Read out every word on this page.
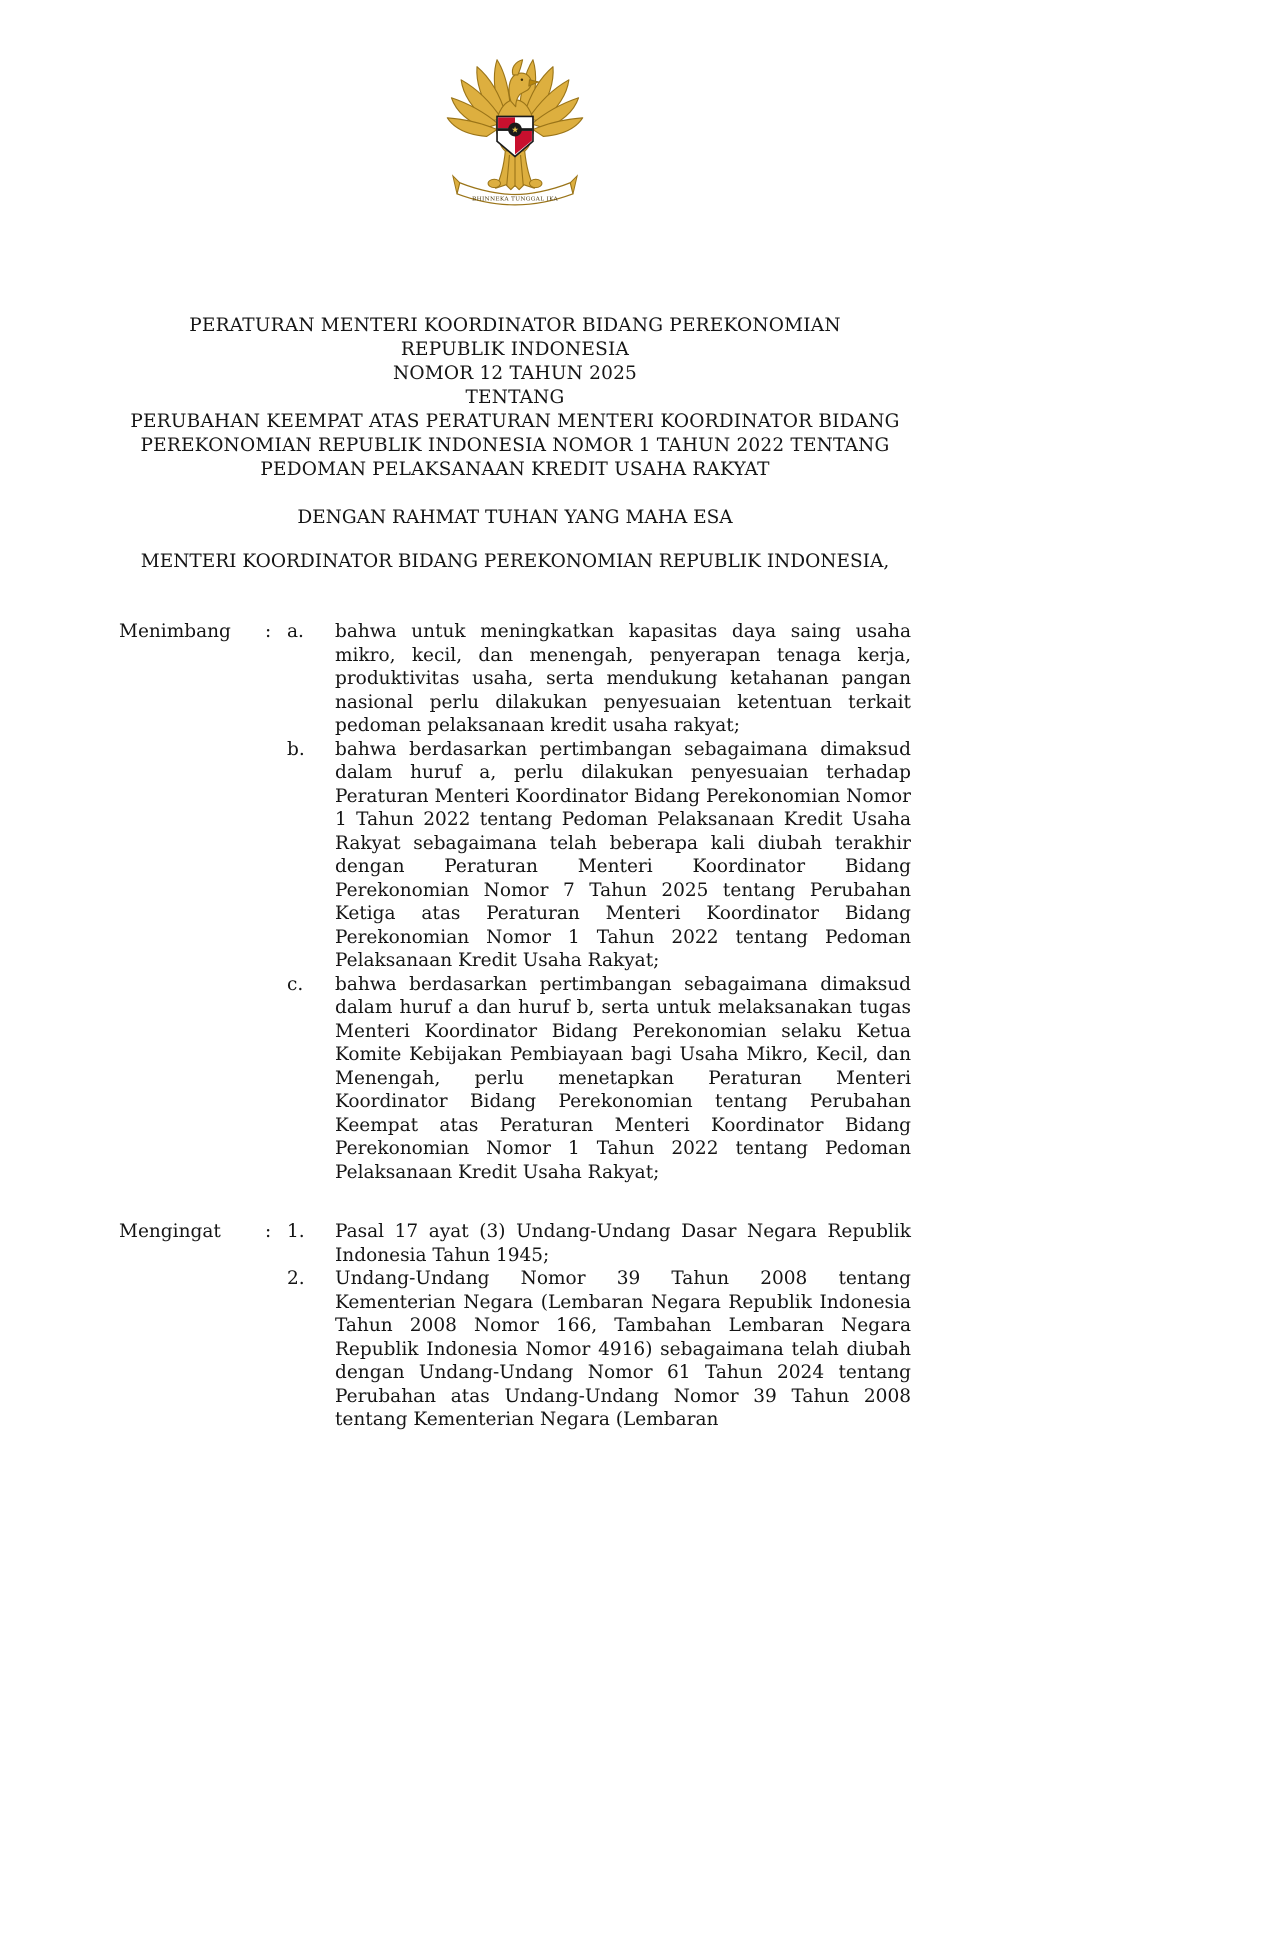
BHINNEKA TUNGGAL IKA
★
PERATURAN MENTERI KOORDINATOR BIDANG PEREKONOMIAN
REPUBLIK INDONESIA
NOMOR 12 TAHUN 2025
TENTANG
PERUBAHAN KEEMPAT ATAS PERATURAN MENTERI KOORDINATOR BIDANG
PEREKONOMIAN REPUBLIK INDONESIA NOMOR 1 TAHUN 2022 TENTANG
PEDOMAN PELAKSANAAN KREDIT USAHA RAKYAT
DENGAN RAHMAT TUHAN YANG MAHA ESA
MENTERI KOORDINATOR BIDANG PEREKONOMIAN REPUBLIK INDONESIA,
Menimbang	: a.	bahwa untuk meningkatkan kapasitas daya saing usaha mikro, kecil, dan menengah, penyerapan tenaga kerja, produktivitas usaha, serta mendukung ketahanan pangan nasional perlu dilakukan penyesuaian ketentuan terkait pedoman pelaksanaan kredit usaha rakyat;
b.	bahwa berdasarkan pertimbangan sebagaimana dimaksud dalam huruf a, perlu dilakukan penyesuaian terhadap Peraturan Menteri Koordinator Bidang Perekonomian Nomor 1 Tahun 2022 tentang Pedoman Pelaksanaan Kredit Usaha Rakyat sebagaimana telah beberapa kali diubah terakhir dengan Peraturan Menteri Koordinator Bidang Perekonomian Nomor 7 Tahun 2025 tentang Perubahan Ketiga atas Peraturan Menteri Koordinator Bidang Perekonomian Nomor 1 Tahun 2022 tentang Pedoman Pelaksanaan Kredit Usaha Rakyat;
c.	bahwa berdasarkan pertimbangan sebagaimana dimaksud dalam huruf a dan huruf b, serta untuk melaksanakan tugas Menteri Koordinator Bidang Perekonomian selaku Ketua Komite Kebijakan Pembiayaan bagi Usaha Mikro, Kecil, dan Menengah, perlu menetapkan Peraturan Menteri Koordinator Bidang Perekonomian tentang Perubahan Keempat atas Peraturan Menteri Koordinator Bidang Perekonomian Nomor 1 Tahun 2022 tentang Pedoman Pelaksanaan Kredit Usaha Rakyat;
Mengingat	: 1.	Pasal 17 ayat (3) Undang-Undang Dasar Negara Republik Indonesia Tahun 1945;
2.	Undang-Undang Nomor 39 Tahun 2008 tentang Kementerian Negara (Lembaran Negara Republik Indonesia Tahun 2008 Nomor 166, Tambahan Lembaran Negara Republik Indonesia Nomor 4916) sebagaimana telah diubah dengan Undang-Undang Nomor 61 Tahun 2024 tentang Perubahan atas Undang-Undang Nomor 39 Tahun 2008 tentang Kementerian Negara (Lembaran
